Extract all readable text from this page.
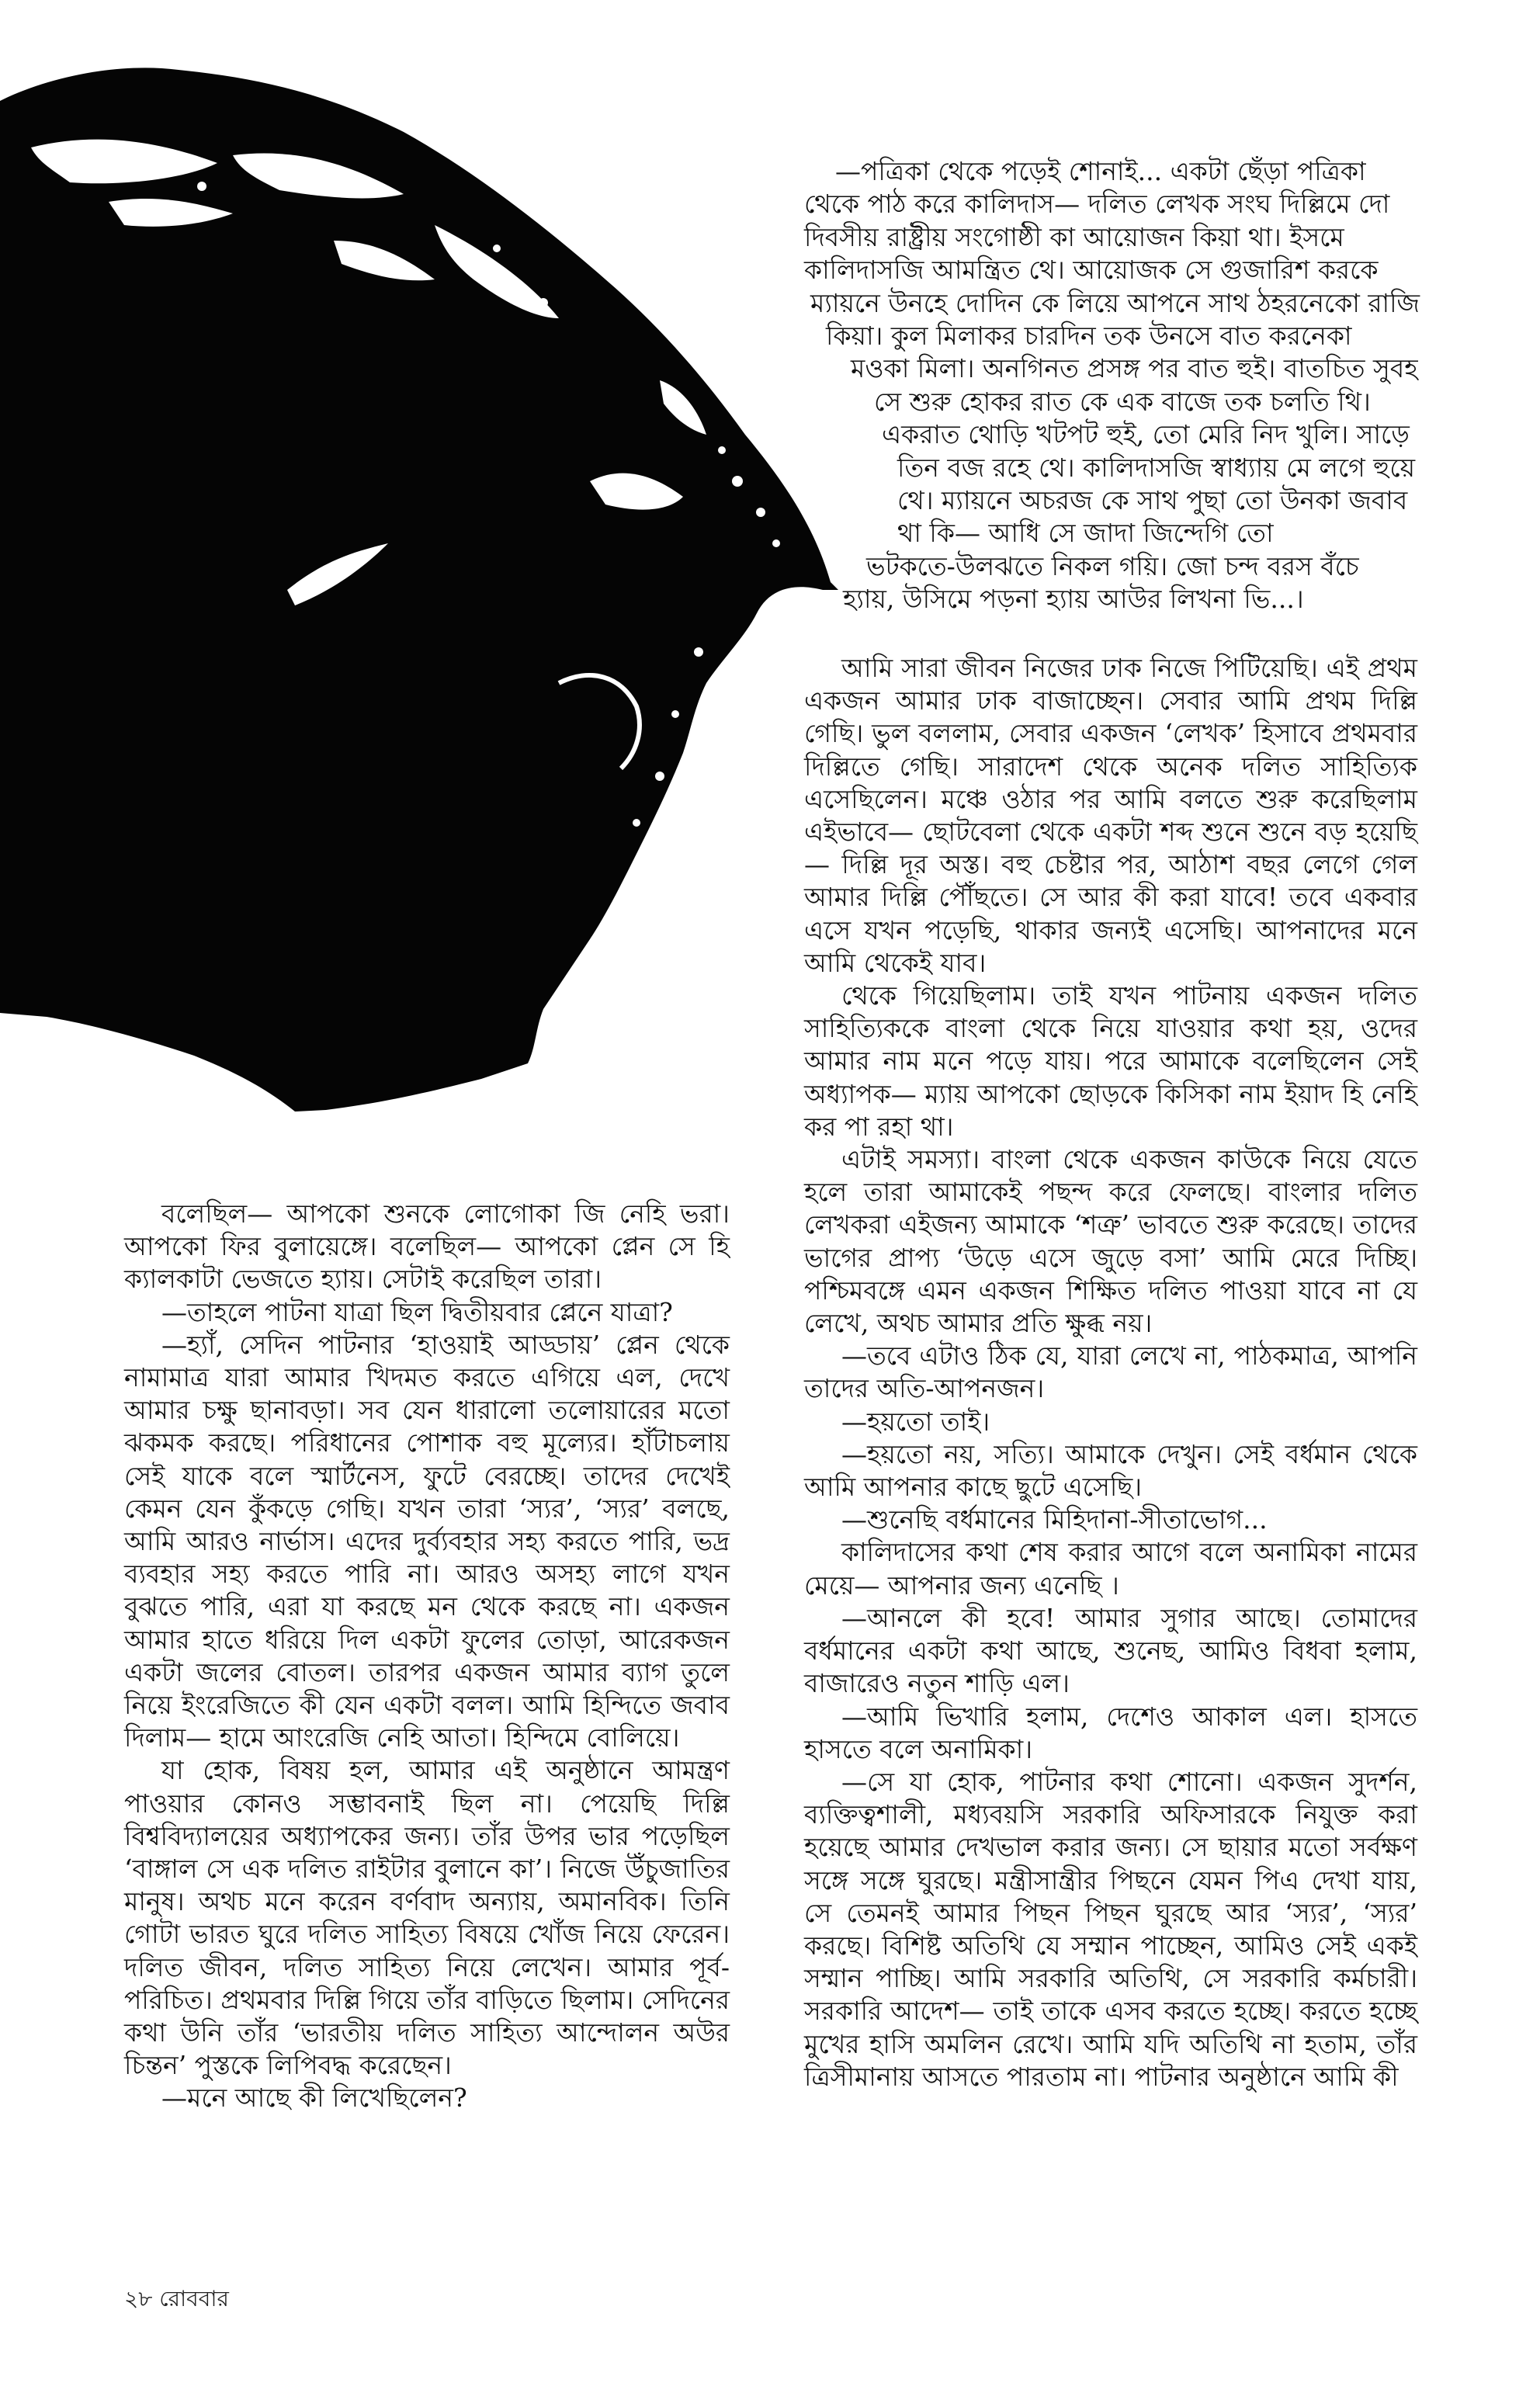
—পত্রিকা থেকে পড়েই শোনাই... একটা ছেঁড়া পত্রিকা
থেকে পাঠ করে কালিদাস— দলিত লেখক সংঘ দিল্লিমে দো
দিবসীয় রাষ্ট্রীয় সংগোষ্ঠী কা আয়োজন কিয়া থা। ইসমে
কালিদাসজি আমন্ত্রিত থে। আয়োজক সে গুজারিশ করকে
ম্যায়নে উনহে দোদিন কে লিয়ে আপনে সাথ ঠহরনেকো রাজি
কিয়া। কুল মিলাকর চারদিন তক উনসে বাত করনেকা
মওকা মিলা। অনগিনত প্রসঙ্গ পর বাত হুই। বাতচিত সুবহ
সে শুরু হোকর রাত কে এক বাজে তক চলতি থি।
একরাত থোড়ি খটপট হুই, তো মেরি নিদ খুলি। সাড়ে
তিন বজ রহে থে। কালিদাসজি স্বাধ্যায় মে লগে হুয়ে
থে। ম্যায়নে অচরজ কে সাথ পুছা তো উনকা জবাব
থা কি— আধি সে জাদা জিন্দেগি তো
ভটকতে-উলঝতে নিকল গয়ি। জো চন্দ বরস বঁচে
হ্যায়, উসিমে পড়না হ্যায় আউর লিখনা ভি...।

আমি সারা জীবন নিজের ঢাক নিজে পিটিয়েছি। এই প্রথম একজন আমার ঢাক বাজাচ্ছেন। সেবার আমি প্রথম দিল্লি গেছি। ভুল বললাম, সেবার একজন ‘লেখক’ হিসাবে প্রথমবার দিল্লিতে গেছি। সারাদেশ থেকে অনেক দলিত সাহিত্যিক এসেছিলেন। মঞ্চে ওঠার পর আমি বলতে শুরু করেছিলাম এইভাবে— ছোটবেলা থেকে একটা শব্দ শুনে শুনে বড় হয়েছি— দিল্লি দূর অস্ত। বহু চেষ্টার পর, আঠাশ বছর লেগে গেল আমার দিল্লি পৌঁছতে। সে আর কী করা যাবে! তবে একবার এসে যখন পড়েছি, থাকার জন্যই এসেছি। আপনাদের মনে আমি থেকেই যাব।

থেকে গিয়েছিলাম। তাই যখন পাটনায় একজন দলিত সাহিত্যিককে বাংলা থেকে নিয়ে যাওয়ার কথা হয়, ওদের আমার নাম মনে পড়ে যায়। পরে আমাকে বলেছিলেন সেই অধ্যাপক— ম্যায় আপকো ছোড়কে কিসিকা নাম ইয়াদ হি নেহি কর পা রহা থা।

এটাই সমস্যা। বাংলা থেকে একজন কাউকে নিয়ে যেতে হলে তারা আমাকেই পছন্দ করে ফেলছে। বাংলার দলিত লেখকরা এইজন্য আমাকে ‘শত্রু’ ভাবতে শুরু করেছে। তাদের ভাগের প্রাপ্য ‘উড়ে এসে জুড়ে বসা’ আমি মেরে দিচ্ছি। পশ্চিমবঙ্গে এমন একজন শিক্ষিত দলিত পাওয়া যাবে না যে লেখে, অথচ আমার প্রতি ক্ষুব্ধ নয়।

—তবে এটাও ঠিক যে, যারা লেখে না, পাঠকমাত্র, আপনি তাদের অতি-আপনজন।

—হয়তো তাই।

—হয়তো নয়, সত্যি। আমাকে দেখুন। সেই বর্ধমান থেকে আমি আপনার কাছে ছুটে এসেছি।

—শুনেছি বর্ধমানের মিহিদানা-সীতাভোগ...

কালিদাসের কথা শেষ করার আগে বলে অনামিকা নামের মেয়ে— আপনার জন্য এনেছি ।

—আনলে কী হবে! আমার সুগার আছে। তোমাদের বর্ধমানের একটা কথা আছে, শুনেছ, আমিও বিধবা হলাম, বাজারেও নতুন শাড়ি এল।

—আমি ভিখারি হলাম, দেশেও আকাল এল। হাসতে হাসতে বলে অনামিকা।

—সে যা হোক, পাটনার কথা শোনো। একজন সুদর্শন, ব্যক্তিত্বশালী, মধ্যবয়সি সরকারি অফিসারকে নিযুক্ত করা হয়েছে আমার দেখভাল করার জন্য। সে ছায়ার মতো সর্বক্ষণ সঙ্গে সঙ্গে ঘুরছে। মন্ত্রীসান্ত্রীর পিছনে যেমন পিএ দেখা যায়, সে তেমনই আমার পিছন পিছন ঘুরছে আর ‘স্যর’, ‘স্যর’ করছে। বিশিষ্ট অতিথি যে সম্মান পাচ্ছেন, আমিও সেই একই সম্মান পাচ্ছি। আমি সরকারি অতিথি, সে সরকারি কর্মচারী। সরকারি আদেশ— তাই তাকে এসব করতে হচ্ছে। করতে হচ্ছে মুখের হাসি অমলিন রেখে। আমি যদি অতিথি না হতাম, তাঁর ত্রিসীমানায় আসতে পারতাম না। পাটনার অনুষ্ঠানে আমি কী

বলেছিল— আপকো শুনকে লোগোকা জি নেহি ভরা। আপকো ফির বুলায়েঙ্গে। বলেছিল— আপকো প্লেন সে হি ক্যালকাটা ভেজতে হ্যায়। সেটাই করেছিল তারা।

—তাহলে পাটনা যাত্রা ছিল দ্বিতীয়বার প্লেনে যাত্রা?

—হ্যাঁ, সেদিন পাটনার ‘হাওয়াই আড্ডায়’ প্লেন থেকে নামামাত্র যারা আমার খিদমত করতে এগিয়ে এল, দেখে আমার চক্ষু ছানাবড়া। সব যেন ধারালো তলোয়ারের মতো ঝকমক করছে। পরিধানের পোশাক বহু মূল্যের। হাঁটাচলায় সেই যাকে বলে স্মার্টনেস, ফুটে বেরচ্ছে। তাদের দেখেই কেমন যেন কুঁকড়ে গেছি। যখন তারা ‘স্যর’, ‘স্যর’ বলছে, আমি আরও নার্ভাস। এদের দুর্ব্যবহার সহ্য করতে পারি, ভদ্র ব্যবহার সহ্য করতে পারি না। আরও অসহ্য লাগে যখন বুঝতে পারি, এরা যা করছে মন থেকে করছে না। একজন আমার হাতে ধরিয়ে দিল একটা ফুলের তোড়া, আরেকজন একটা জলের বোতল। তারপর একজন আমার ব্যাগ তুলে নিয়ে ইংরেজিতে কী যেন একটা বলল। আমি হিন্দিতে জবাব দিলাম— হামে আংরেজি নেহি আতা। হিন্দিমে বোলিয়ে।

যা হোক, বিষয় হল, আমার এই অনুষ্ঠানে আমন্ত্রণ পাওয়ার কোনও সম্ভাবনাই ছিল না। পেয়েছি দিল্লি বিশ্ববিদ্যালয়ের অধ্যাপকের জন্য। তাঁর উপর ভার পড়েছিল ‘বাঙ্গাল সে এক দলিত রাইটার বুলানে কা’। নিজে উঁচুজাতির মানুষ। অথচ মনে করেন বর্ণবাদ অন্যায়, অমানবিক। তিনি গোটা ভারত ঘুরে দলিত সাহিত্য বিষয়ে খোঁজ নিয়ে ফেরেন। দলিত জীবন, দলিত সাহিত্য নিয়ে লেখেন। আমার পূর্ব-পরিচিত। প্রথমবার দিল্লি গিয়ে তাঁর বাড়িতে ছিলাম। সেদিনের কথা উনি তাঁর ‘ভারতীয় দলিত সাহিত্য আন্দোলন অউর চিন্তন’ পুস্তকে লিপিবদ্ধ করেছেন।

—মনে আছে কী লিখেছিলেন?

২৮ রোববার
